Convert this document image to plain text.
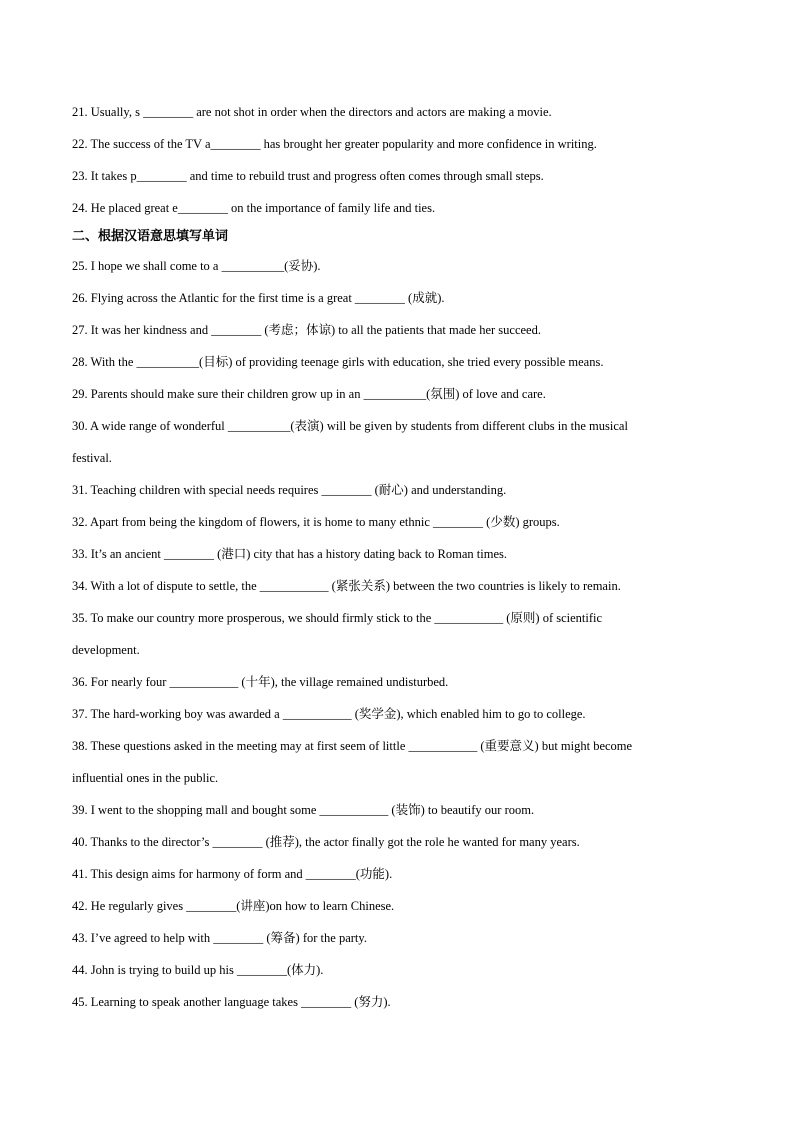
21. Usually, s ________ are not shot in order when the directors and actors are making a movie.
22. The success of the TV a________ has brought her greater popularity and more confidence in writing.
23. It takes p________ and time to rebuild trust and progress often comes through small steps.
24. He placed great e________ on the importance of family life and ties.
二、根据汉语意思填写单词
25. I hope we shall come to a __________(妥协).
26. Flying across the Atlantic for the first time is a great ________ (成就).
27. It was her kindness and ________ (考虑；体谅) to all the patients that made her succeed.
28. With the __________(目标) of providing teenage girls with education, she tried every possible means.
29. Parents should make sure their children grow up in an __________(氛围) of love and care.
30. A wide range of wonderful __________(表演) will be given by students from different clubs in the musical
festival.
31. Teaching children with special needs requires ________ (耐心) and understanding.
32. Apart from being the kingdom of flowers, it is home to many ethnic ________ (少数) groups.
33. It’s an ancient ________ (港口) city that has a history dating back to Roman times.
34. With a lot of dispute to settle, the ___________ (紧张关系) between the two countries is likely to remain.
35. To make our country more prosperous, we should firmly stick to the ___________ (原则) of scientific
development.
36. For nearly four ___________ (十年), the village remained undisturbed.
37. The hard-working boy was awarded a ___________ (奖学金), which enabled him to go to college.
38. These questions asked in the meeting may at first seem of little ___________ (重要意义) but might become
influential ones in the public.
39. I went to the shopping mall and bought some ___________ (装饰) to beautify our room.
40. Thanks to the director’s ________ (推荐), the actor finally got the role he wanted for many years.
41. This design aims for harmony of form and ________(功能).
42. He regularly gives ________(讲座)on how to learn Chinese.
43. I’ve agreed to help with ________ (筹备) for the party.
44. John is trying to build up his ________(体力).
45. Learning to speak another language takes ________ (努力).
